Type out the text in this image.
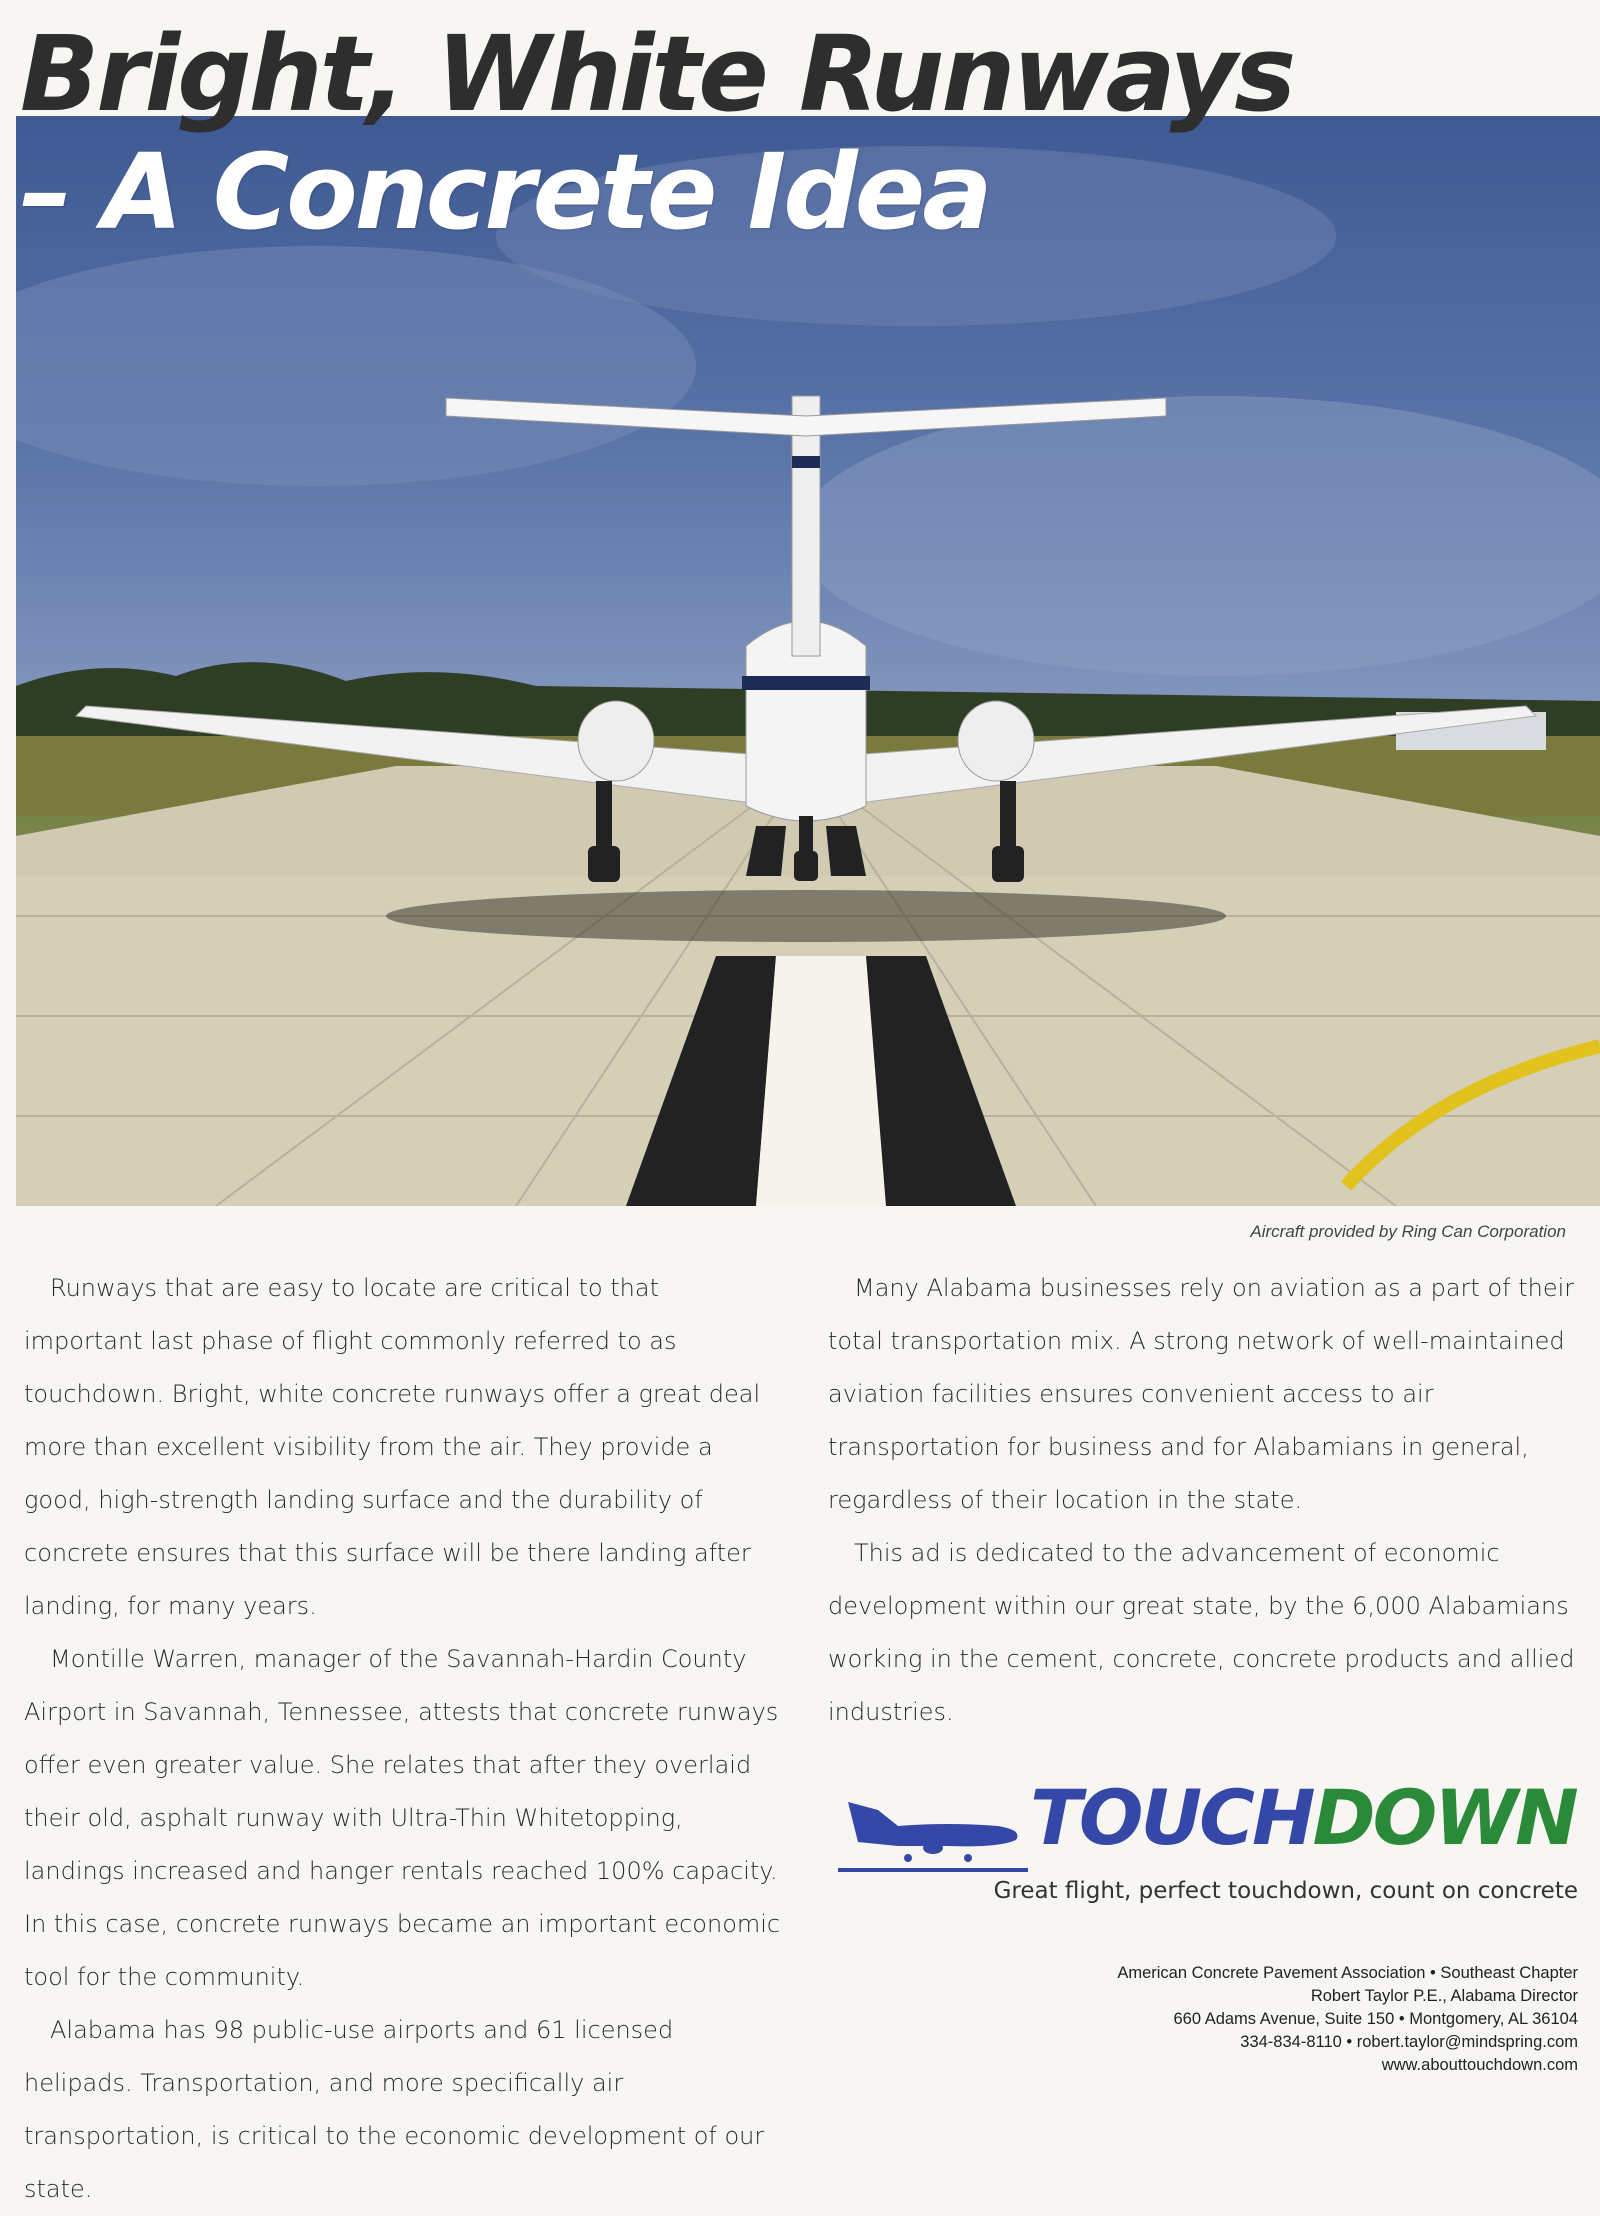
Bright, White Runways
– A Concrete Idea
Aircraft provided by Ring Can Corporation

Runways that are easy to locate are critical to that important last phase of flight commonly referred to as touchdown. Bright, white concrete runways offer a great deal more than excellent visibility from the air. They provide a good, high-strength landing surface and the durability of concrete ensures that this surface will be there landing after landing, for many years.

Montille Warren, manager of the Savannah-Hardin County Airport in Savannah, Tennessee, attests that concrete runways offer even greater value. She relates that after they overlaid their old, asphalt runway with Ultra-Thin Whitetopping, landings increased and hanger rentals reached 100% capacity. In this case, concrete runways became an important economic tool for the community.

Alabama has 98 public-use airports and 61 licensed helipads. Transportation, and more specifically air transportation, is critical to the economic development of our state.

Many Alabama businesses rely on aviation as a part of their total transportation mix. A strong network of well-maintained aviation facilities ensures convenient access to air transportation for business and for Alabamians in general, regardless of their location in the state.

This ad is dedicated to the advancement of economic development within our great state, by the 6,000 Alabamians working in the cement, concrete, concrete products and allied industries.

TOUCHDOWN
Great flight, perfect touchdown, count on concrete
American Concrete Pavement Association • Southeast Chapter
Robert Taylor P.E., Alabama Director
660 Adams Avenue, Suite 150 • Montgomery, AL 36104
334-834-8110 • robert.taylor@mindspring.com
www.abouttouchdown.com
